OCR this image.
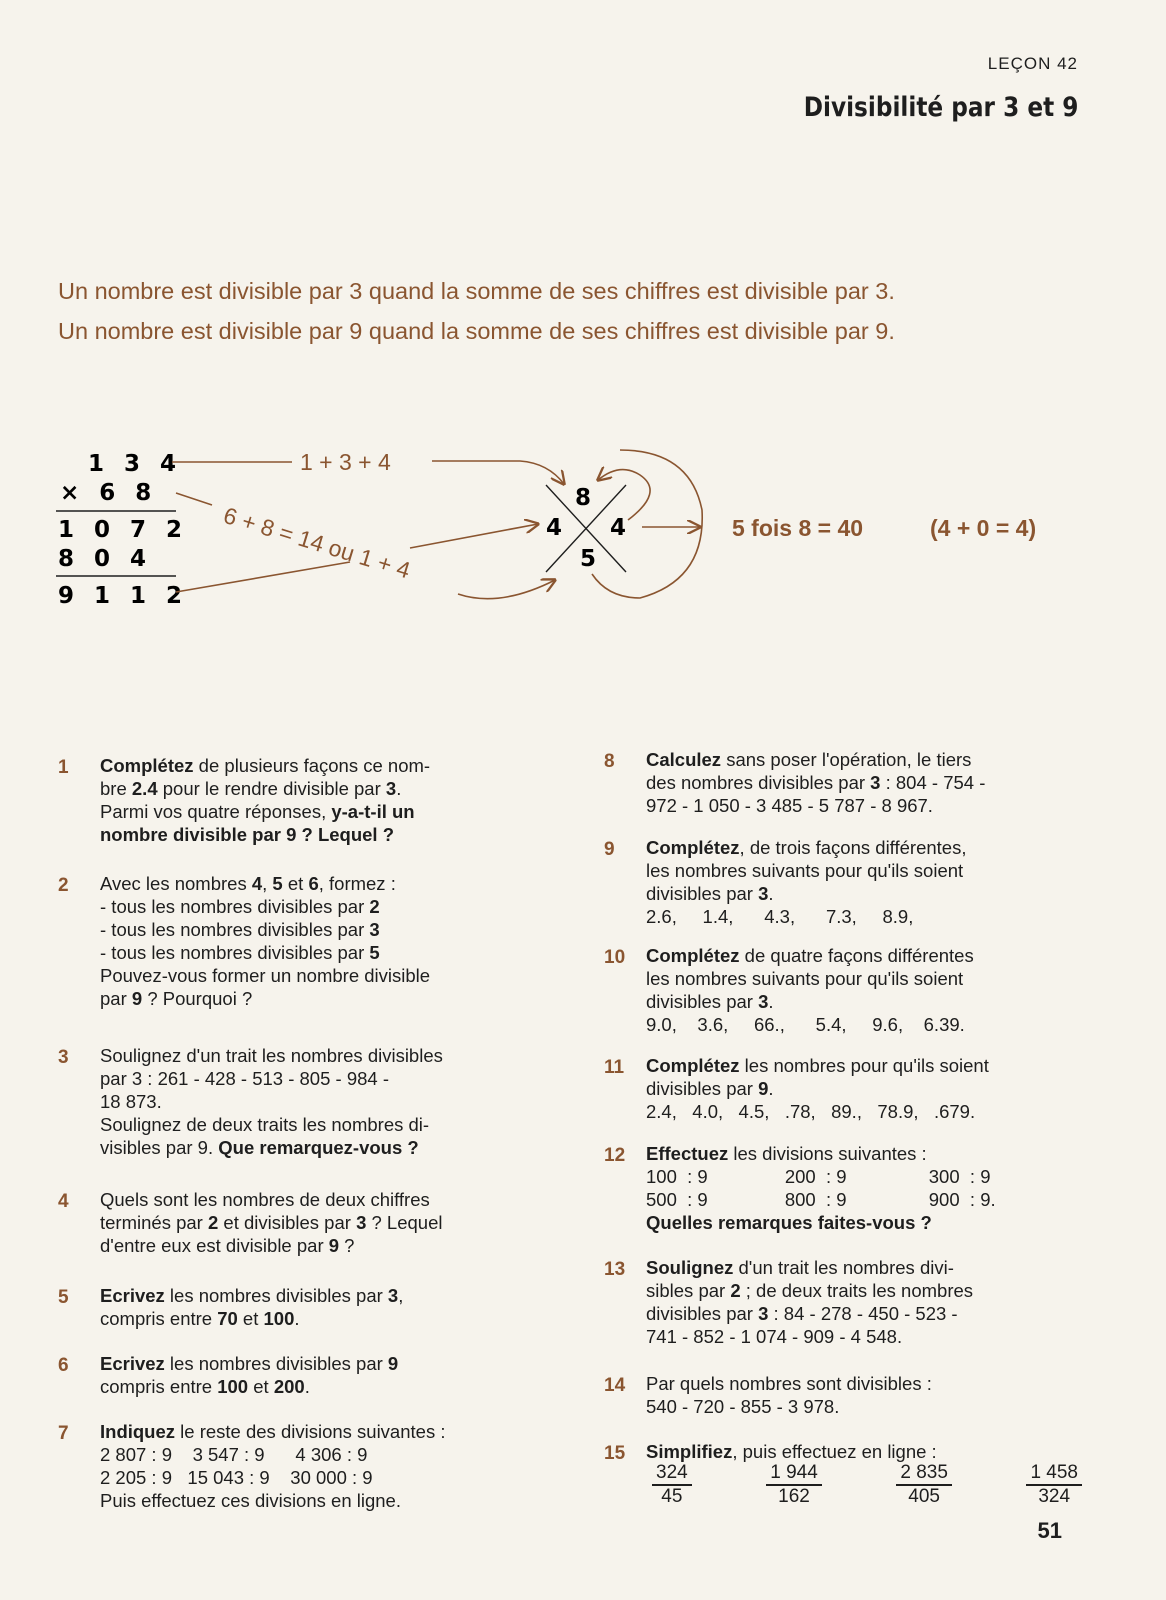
LEÇON 42
Divisibilité par 3 et 9
Un nombre est divisible par 3 quand la somme de ses chiffres est divisible par 3.
Un nombre est divisible par 9 quand la somme de ses chiffres est divisible par 9.
1 3 4
× 6 8
1 0 7 2
8 0 4
9 1 1 2
1 + 3 + 4
6 + 8 = 14 ou 1 + 4
8
4 4
5
5 fois 8 = 40	(4 + 0 = 4)
1 Complétez de plusieurs façons ce nom-
bre 2.4 pour le rendre divisible par 3.
Parmi vos quatre réponses, y-a-t-il un
nombre divisible par 9 ? Lequel ?
2 Avec les nombres 4, 5 et 6, formez :
- tous les nombres divisibles par 2
- tous les nombres divisibles par 3
- tous les nombres divisibles par 5
Pouvez-vous former un nombre divisible
par 9 ? Pourquoi ?
3 Soulignez d'un trait les nombres divisibles
par 3 : 261 - 428 - 513 - 805 - 984 -
18 873.
Soulignez de deux traits les nombres di-
visibles par 9. Que remarquez-vous ?
4 Quels sont les nombres de deux chiffres
terminés par 2 et divisibles par 3 ? Lequel
d'entre eux est divisible par 9 ?
5 Ecrivez les nombres divisibles par 3,
compris entre 70 et 100.
6 Ecrivez les nombres divisibles par 9
compris entre 100 et 200.
7 Indiquez le reste des divisions suivantes :
2 807 : 9    3 547 : 9      4 306 : 9
2 205 : 9   15 043 : 9    30 000 : 9
Puis effectuez ces divisions en ligne.
8 Calculez sans poser l'opération, le tiers
des nombres divisibles par 3 : 804 - 754 -
972 - 1 050 - 3 485 - 5 787 - 8 967.
9 Complétez, de trois façons différentes,
les nombres suivants pour qu'ils soient
divisibles par 3.
2.6,     1.4,      4.3,      7.3,     8.9,
10 Complétez de quatre façons différentes
les nombres suivants pour qu'ils soient
divisibles par 3.
9.0,    3.6,     66.,      5.4,     9.6,    6.39.
11 Complétez les nombres pour qu'ils soient
divisibles par 9.
2.4,   4.0,   4.5,   .78,   89.,   78.9,   .679.
12 Effectuez les divisions suivantes :
100  : 9               200  : 9                300  : 9
500  : 9               800  : 9                900  : 9.
Quelles remarques faites-vous ?
13 Soulignez d'un trait les nombres divi-
sibles par 2 ; de deux traits les nombres
divisibles par 3 : 84 - 278 - 450 - 523 -
741 - 852 - 1 074 - 909 - 4 548.
14 Par quels nombres sont divisibles :
540 - 720 - 855 - 3 978.
15 Simplifiez, puis effectuez en ligne :
$\frac{324}{45}$	$\frac{1 944}{162}$	$\frac{2 835}{405}$	$\frac{1 458}{324}$
51
